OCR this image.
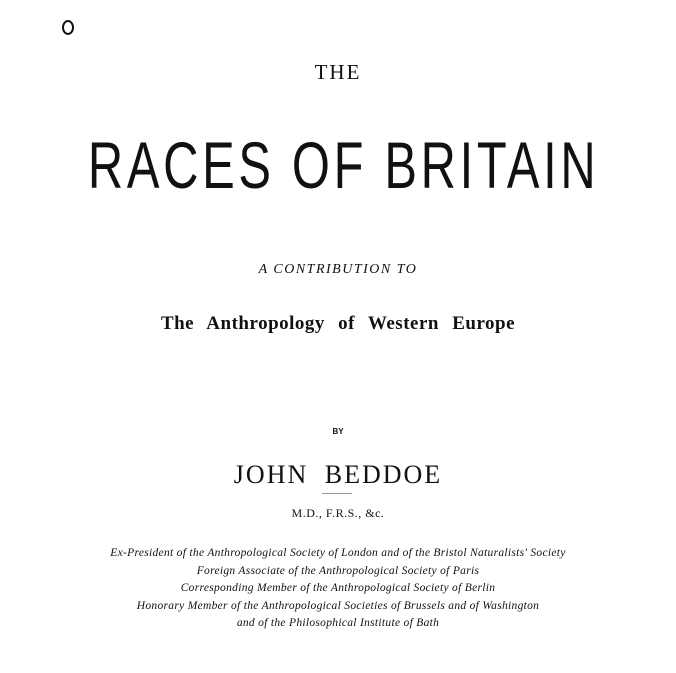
THE
RACES OF BRITAIN
A CONTRIBUTION TO
The Anthropology of Western Europe
BY
JOHN BEDDOE
M.D., F.R.S., &c.
Ex-President of the Anthropological Society of London and of the Bristol Naturalists' Society
Foreign Associate of the Anthropological Society of Paris
Corresponding Member of the Anthropological Society of Berlin
Honorary Member of the Anthropological Societies of Brussels and of Washington
and of the Philosophical Institute of Bath
